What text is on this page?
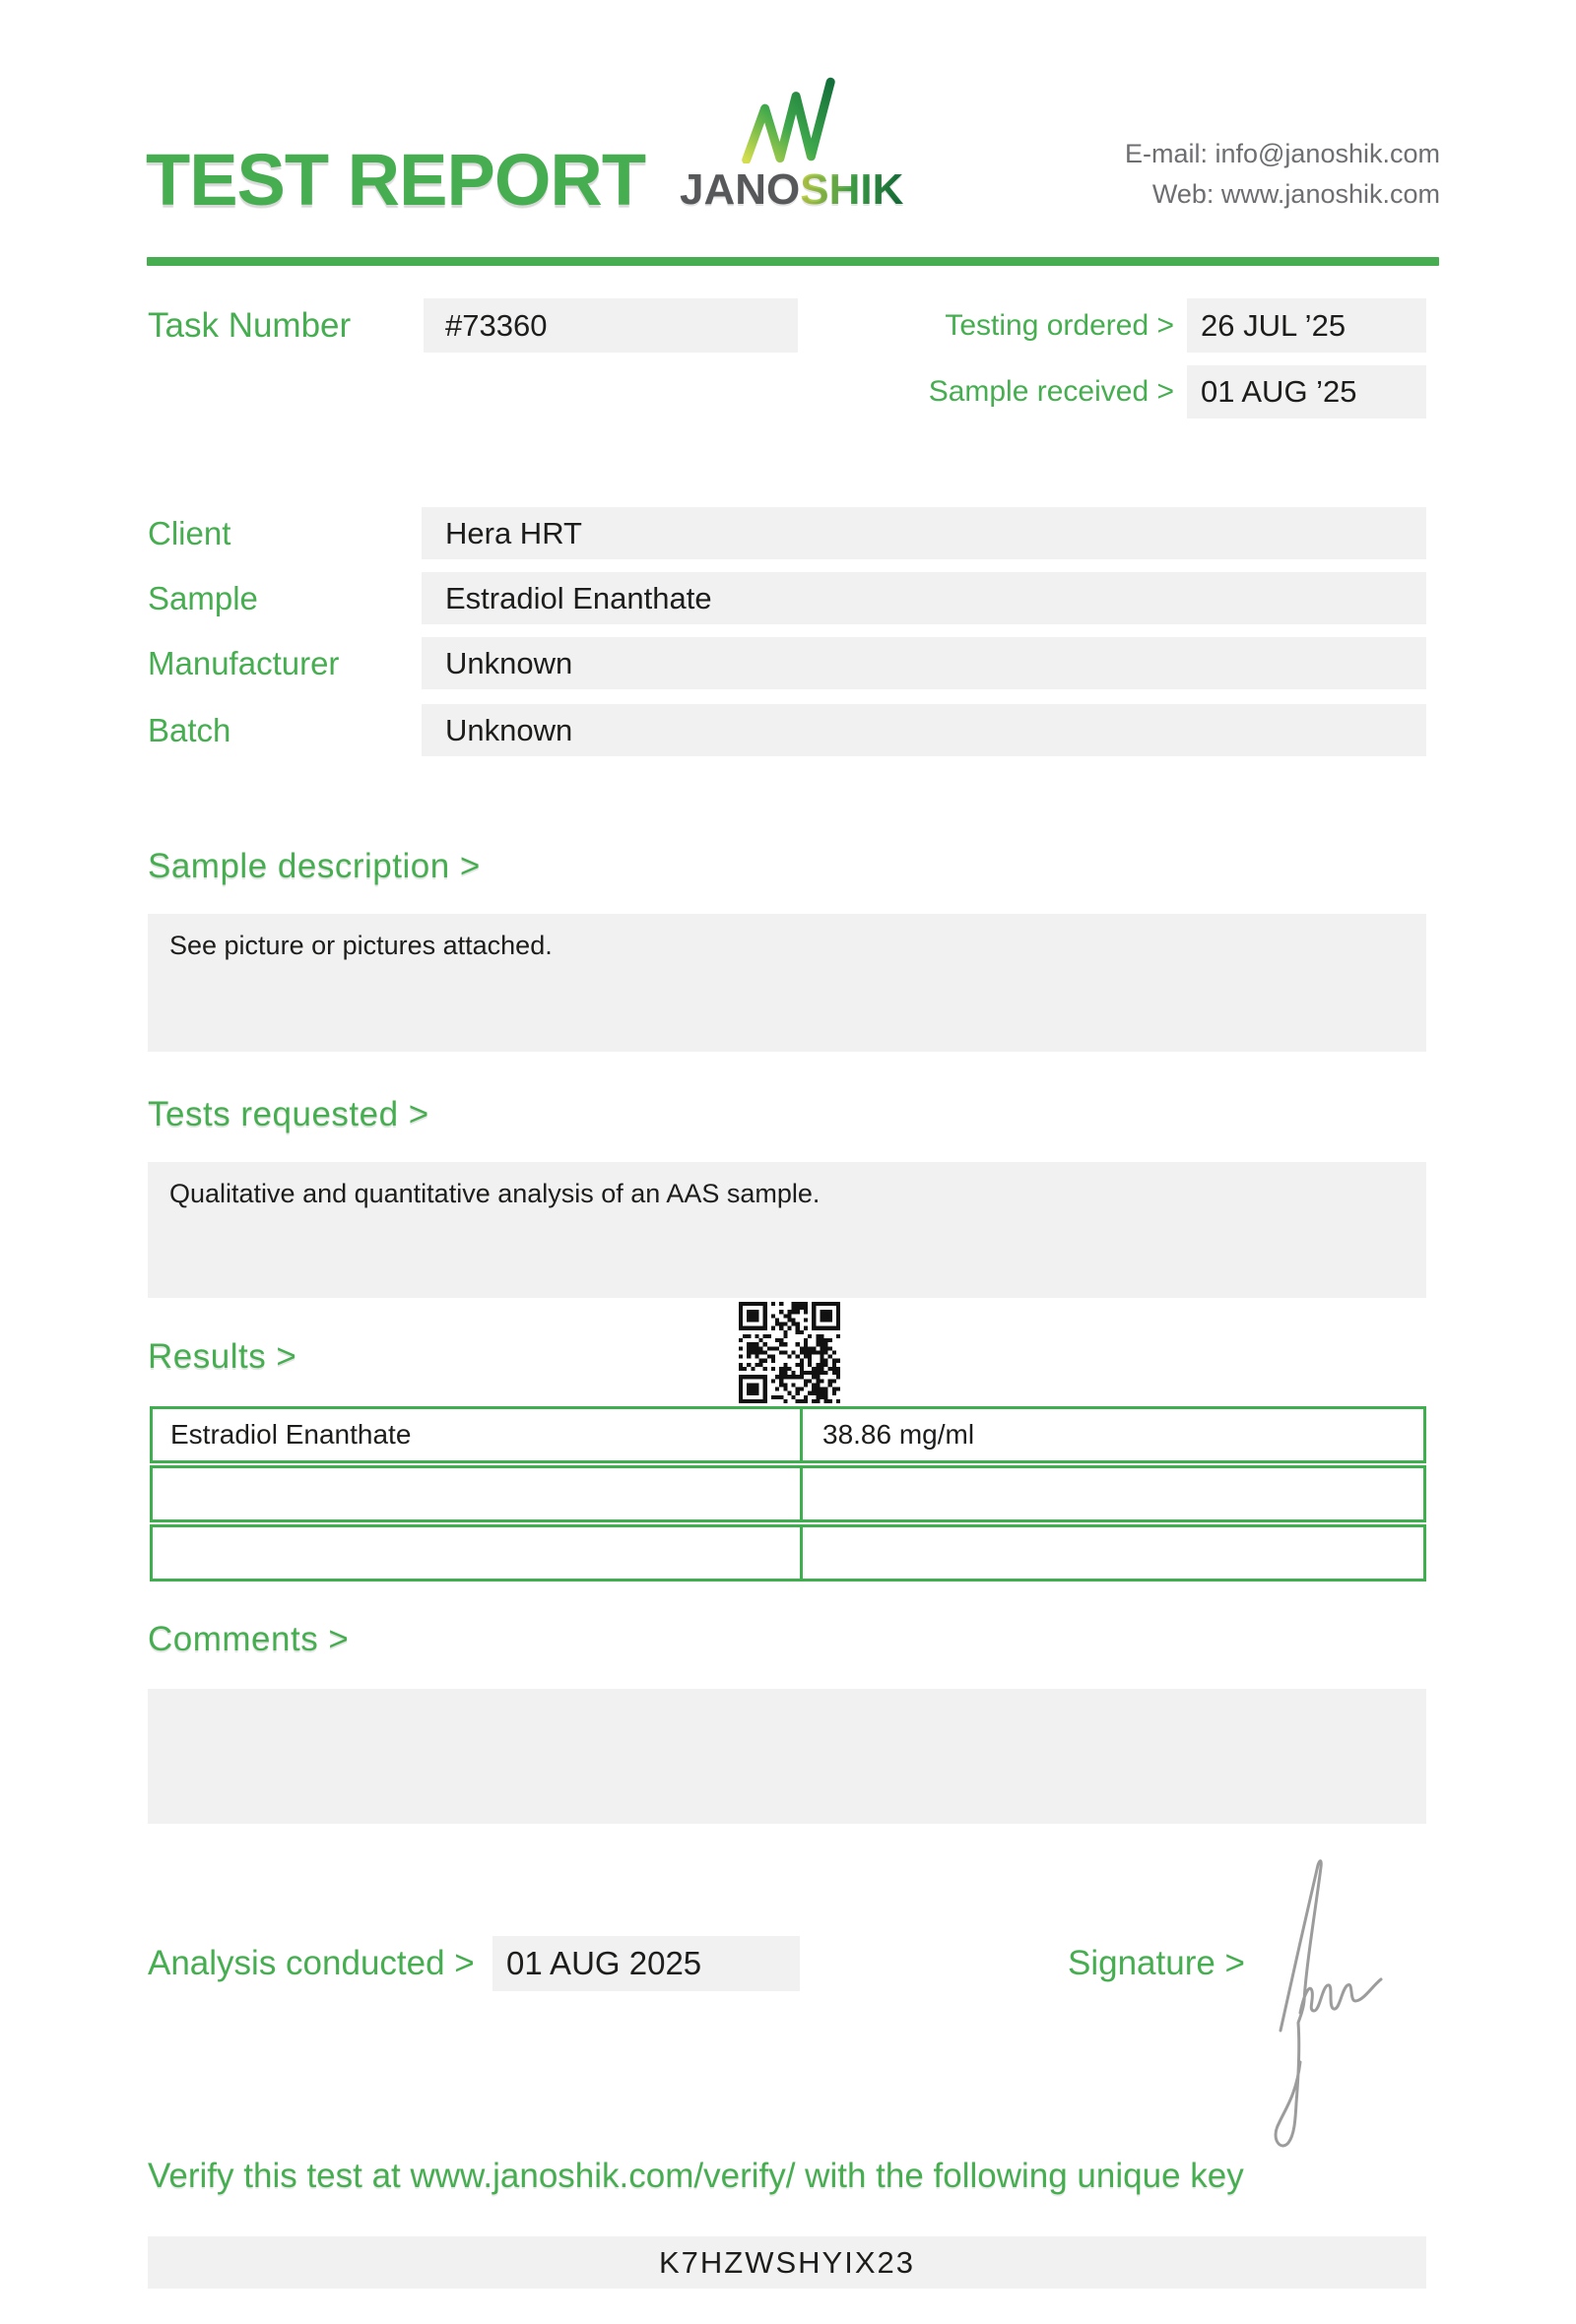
TEST REPORT JANOSHIK
E-mail: info@janoshik.com
Web: www.janoshik.com
Task Number	#73360	Testing ordered > 26 JUL ’25
Sample received > 01 AUG ’25
Client	Hera HRT
Sample	Estradiol Enanthate
Manufacturer	Unknown
Batch	Unknown
Sample description >
See picture or pictures attached.
Tests requested >
Qualitative and quantitative analysis of an AAS sample.
Results >
Estradiol Enanthate	38.86 mg/ml
Comments >
Analysis conducted > 01 AUG 2025	Signature >
Verify this test at www.janoshik.com/verify/ with the following unique key
K7HZWSHYIX23
